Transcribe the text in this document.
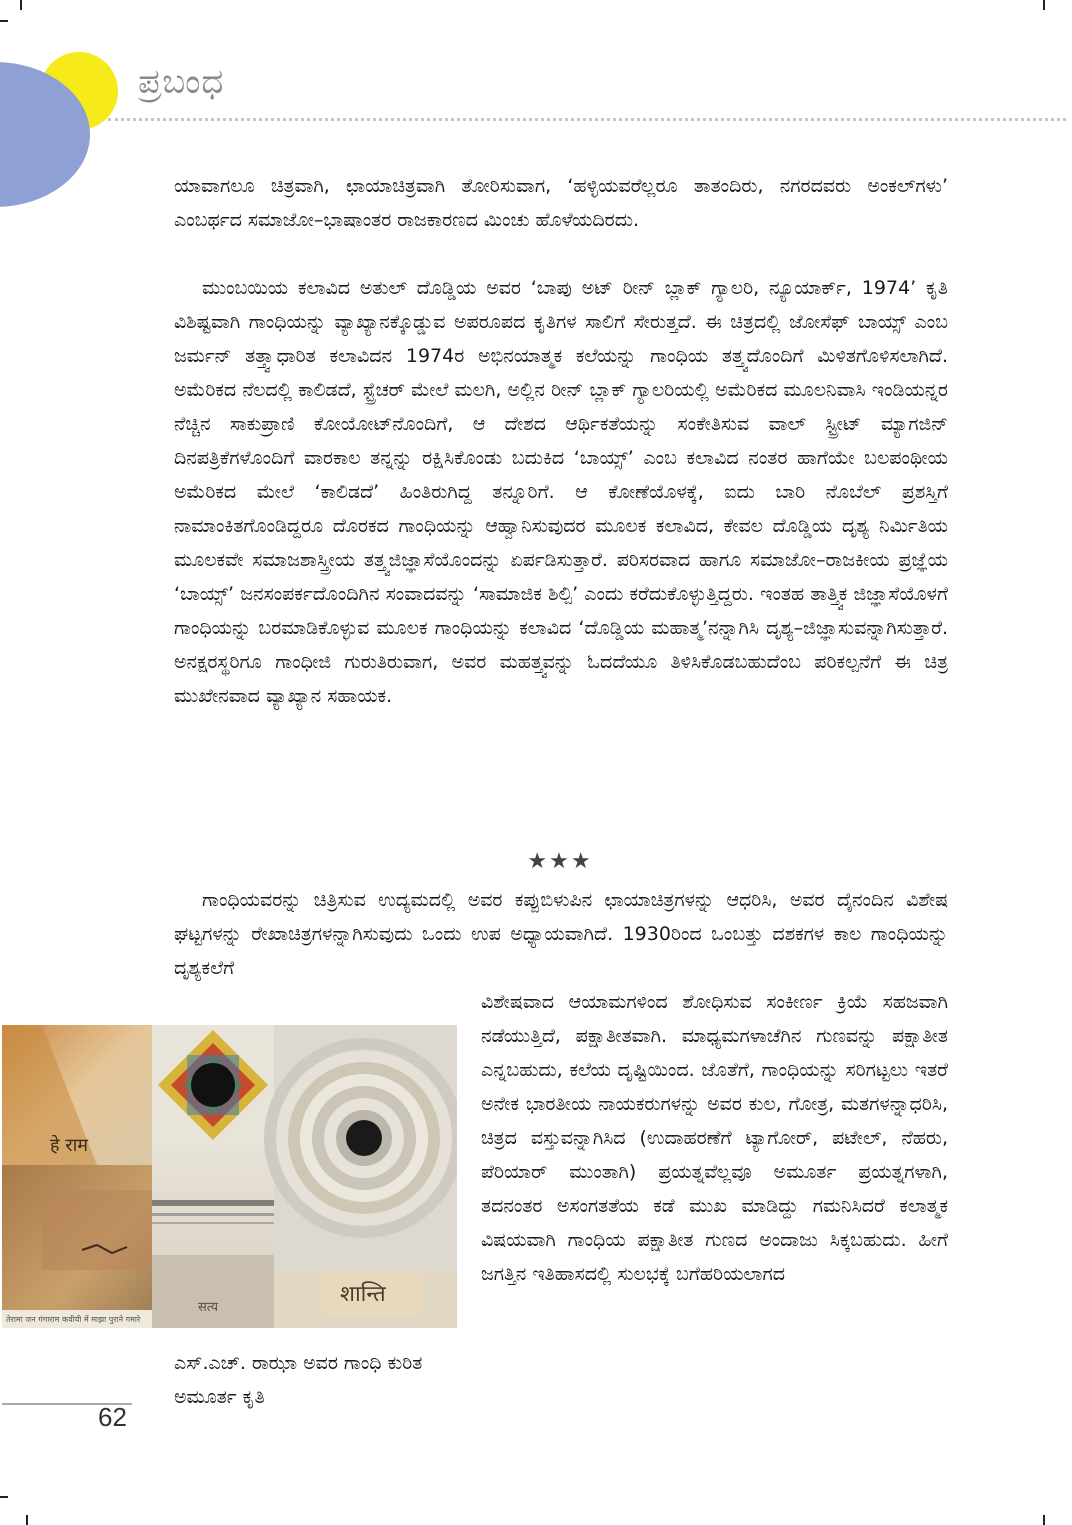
ಪ್ರಬಂಧ

ಯಾವಾಗಲೂ ಚಿತ್ರವಾಗಿ, ಛಾಯಾಚಿತ್ರವಾಗಿ ತೋರಿಸುವಾಗ, ‘ಹಳ್ಳಿಯವರೆಲ್ಲರೂ ತಾತಂದಿರು, ನಗರದವರು ಅಂಕಲ್‌ಗಳು’ ಎಂಬರ್ಥದ ಸಮಾಜೋ–ಭಾಷಾಂತರ ರಾಜಕಾರಣದ ಮಿಂಚು ಹೊಳೆಯದಿರದು.

ಮುಂಬಯಿಯ ಕಲಾವಿದ ಅತುಲ್ ದೊಡ್ಡಿಯ ಅವರ ‘ಬಾಪು ಅಟ್ ರೀನ್ ಬ್ಲಾಕ್ ಗ್ಯಾಲರಿ, ನ್ಯೂಯಾರ್ಕ್, 1974’ ಕೃತಿ ವಿಶಿಷ್ಟವಾಗಿ ಗಾಂಧಿಯನ್ನು ವ್ಯಾಖ್ಯಾನಕ್ಕೊಡ್ಡುವ ಅಪರೂಪದ ಕೃತಿಗಳ ಸಾಲಿಗೆ ಸೇರುತ್ತದೆ. ಈ ಚಿತ್ರದಲ್ಲಿ ಜೋಸೆಫ್ ಬಾಯ್ಸ್ ಎಂಬ ಜರ್ಮನ್ ತತ್ತ್ವಾಧಾರಿತ ಕಲಾವಿದನ 1974ರ ಅಭಿನಯಾತ್ಮಕ ಕಲೆಯನ್ನು ಗಾಂಧಿಯ ತತ್ತ್ವದೊಂದಿಗೆ ಮಿಳಿತಗೊಳಿಸಲಾಗಿದೆ. ಅಮೆರಿಕದ ನೆಲದಲ್ಲಿ ಕಾಲಿಡದೆ, ಸ್ಟ್ರೆಚರ್ ಮೇಲೆ ಮಲಗಿ, ಅಲ್ಲಿನ ರೀನ್ ಬ್ಲಾಕ್ ಗ್ಯಾಲರಿಯಲ್ಲಿ ಅಮೆರಿಕದ ಮೂಲನಿವಾಸಿ ಇಂಡಿಯನ್ನರ ನೆಚ್ಚಿನ ಸಾಕುಪ್ರಾಣಿ ಕೋಯೋಟ್‌ನೊಂದಿಗೆ, ಆ ದೇಶದ ಆರ್ಥಿಕತೆಯನ್ನು ಸಂಕೇತಿಸುವ ವಾಲ್ ಸ್ಟ್ರೀಟ್ ಮ್ಯಾಗಜಿನ್ ದಿನಪತ್ರಿಕೆಗಳೊಂದಿಗೆ ವಾರಕಾಲ ತನ್ನನ್ನು ರಕ್ಷಿಸಿಕೊಂಡು ಬದುಕಿದ ‘ಬಾಯ್ಸ್’ ಎಂಬ ಕಲಾವಿದ ನಂತರ ಹಾಗೆಯೇ ಬಲಪಂಥೀಯ ಅಮೆರಿಕದ ಮೇಲೆ ‘ಕಾಲಿಡದೆ’ ಹಿಂತಿರುಗಿದ್ದ ತನ್ನೂರಿಗೆ. ಆ ಕೋಣೆಯೊಳಕ್ಕೆ, ಐದು ಬಾರಿ ನೊಬೆಲ್ ಪ್ರಶಸ್ತಿಗೆ ನಾಮಾಂಕಿತಗೊಂಡಿದ್ದರೂ ದೊರಕದ ಗಾಂಧಿಯನ್ನು ಆಹ್ವಾನಿಸುವುದರ ಮೂಲಕ ಕಲಾವಿದ, ಕೇವಲ ದೊಡ್ಡಿಯ ದೃಶ್ಯ ನಿರ್ಮಿತಿಯ ಮೂಲಕವೇ ಸಮಾಜಶಾಸ್ತ್ರೀಯ ತತ್ತ್ವಜಿಜ್ಞಾಸೆಯೊಂದನ್ನು ಏರ್ಪಡಿಸುತ್ತಾರೆ. ಪರಿಸರವಾದ ಹಾಗೂ ಸಮಾಜೋ–ರಾಜಕೀಯ ಪ್ರಜ್ಞೆಯ ‘ಬಾಯ್ಸ್’ ಜನಸಂಪರ್ಕದೊಂದಿಗಿನ ಸಂವಾದವನ್ನು ‘ಸಾಮಾಜಿಕ ಶಿಲ್ಪಿ’ ಎಂದು ಕರೆದುಕೊಳ್ಳುತ್ತಿದ್ದರು. ಇಂತಹ ತಾತ್ತ್ವಿಕ ಜಿಜ್ಞಾಸೆಯೊಳಗೆ ಗಾಂಧಿಯನ್ನು ಬರಮಾಡಿಕೊಳ್ಳುವ ಮೂಲಕ ಗಾಂಧಿಯನ್ನು ಕಲಾವಿದ ‘ದೊಡ್ಡಿಯ ಮಹಾತ್ಮ’ನನ್ನಾಗಿಸಿ ದೃಶ್ಯ–ಜಿಜ್ಞಾಸುವನ್ನಾಗಿಸುತ್ತಾರೆ. ಅನಕ್ಷರಸ್ಥರಿಗೂ ಗಾಂಧೀಜಿ ಗುರುತಿರುವಾಗ, ಅವರ ಮಹತ್ತ್ವವನ್ನು ಓದದೆಯೂ ತಿಳಿಸಿಕೊಡಬಹುದೆಂಬ ಪರಿಕಲ್ಪನೆಗೆ ಈ ಚಿತ್ರ ಮುಖೇನವಾದ ವ್ಯಾಖ್ಯಾನ ಸಹಾಯಕ.

★★★

ಗಾಂಧಿಯವರನ್ನು ಚಿತ್ರಿಸುವ ಉದ್ಯಮದಲ್ಲಿ ಅವರ ಕಪ್ಪುಬಿಳುಪಿನ ಛಾಯಾಚಿತ್ರಗಳನ್ನು ಆಧರಿಸಿ, ಅವರ ದೈನಂದಿನ ವಿಶೇಷ ಘಟ್ಟಗಳನ್ನು ರೇಖಾಚಿತ್ರಗಳನ್ನಾಗಿಸುವುದು ಒಂದು ಉಪ ಅಧ್ಯಾಯವಾಗಿದೆ. 1930ರಿಂದ ಒಂಬತ್ತು ದಶಕಗಳ ಕಾಲ ಗಾಂಧಿಯನ್ನು ದೃಶ್ಯಕಲೆಗೆ

ವಿಶೇಷವಾದ ಆಯಾಮಗಳಿಂದ ಶೋಧಿಸುವ ಸಂಕೀರ್ಣ ಕ್ರಿಯೆ ಸಹಜವಾಗಿ ನಡೆಯುತ್ತಿದೆ, ಪಕ್ಷಾತೀತವಾಗಿ. ಮಾಧ್ಯಮಗಳಾಚೆಗಿನ ಗುಣವನ್ನು ಪಕ್ಷಾತೀತ ಎನ್ನಬಹುದು, ಕಲೆಯ ದೃಷ್ಟಿಯಿಂದ. ಜೊತೆಗೆ, ಗಾಂಧಿಯನ್ನು ಸರಿಗಟ್ಟಲು ಇತರೆ ಅನೇಕ ಭಾರತೀಯ ನಾಯಕರುಗಳನ್ನು ಅವರ ಕುಲ, ಗೋತ್ರ, ಮತಗಳನ್ನಾಧರಿಸಿ, ಚಿತ್ರದ ವಸ್ತುವನ್ನಾಗಿಸಿದ (ಉದಾಹರಣೆಗೆ ಟ್ಯಾಗೋರ್, ಪಟೇಲ್, ನೆಹರು, ಪೆರಿಯಾರ್ ಮುಂತಾಗಿ) ಪ್ರಯತ್ನವೆಲ್ಲವೂ ಅಮೂರ್ತ ಪ್ರಯತ್ನಗಳಾಗಿ, ತದನಂತರ ಅಸಂಗತತೆಯ ಕಡೆ ಮುಖ ಮಾಡಿದ್ದು ಗಮನಿಸಿದರೆ ಕಲಾತ್ಮಕ ವಿಷಯವಾಗಿ ಗಾಂಧಿಯ ಪಕ್ಷಾತೀತ ಗುಣದ ಅಂದಾಜು ಸಿಕ್ಕಬಹುದು. ಹೀಗೆ ಜಗತ್ತಿನ ಇತಿಹಾಸದಲ್ಲಿ ಸುಲಭಕ್ಕೆ ಬಗೆಹರಿಯಲಾಗದ

हे राम
सत्य
शान्ति
तेरामा जन गंगाराम कवीयी में माझा पुराने गमारे

ಎಸ್.ಎಚ್. ರಾಝಾ ಅವರ ಗಾಂಧಿ ಕುರಿತ ಅಮೂರ್ತ ಕೃತಿ

62
